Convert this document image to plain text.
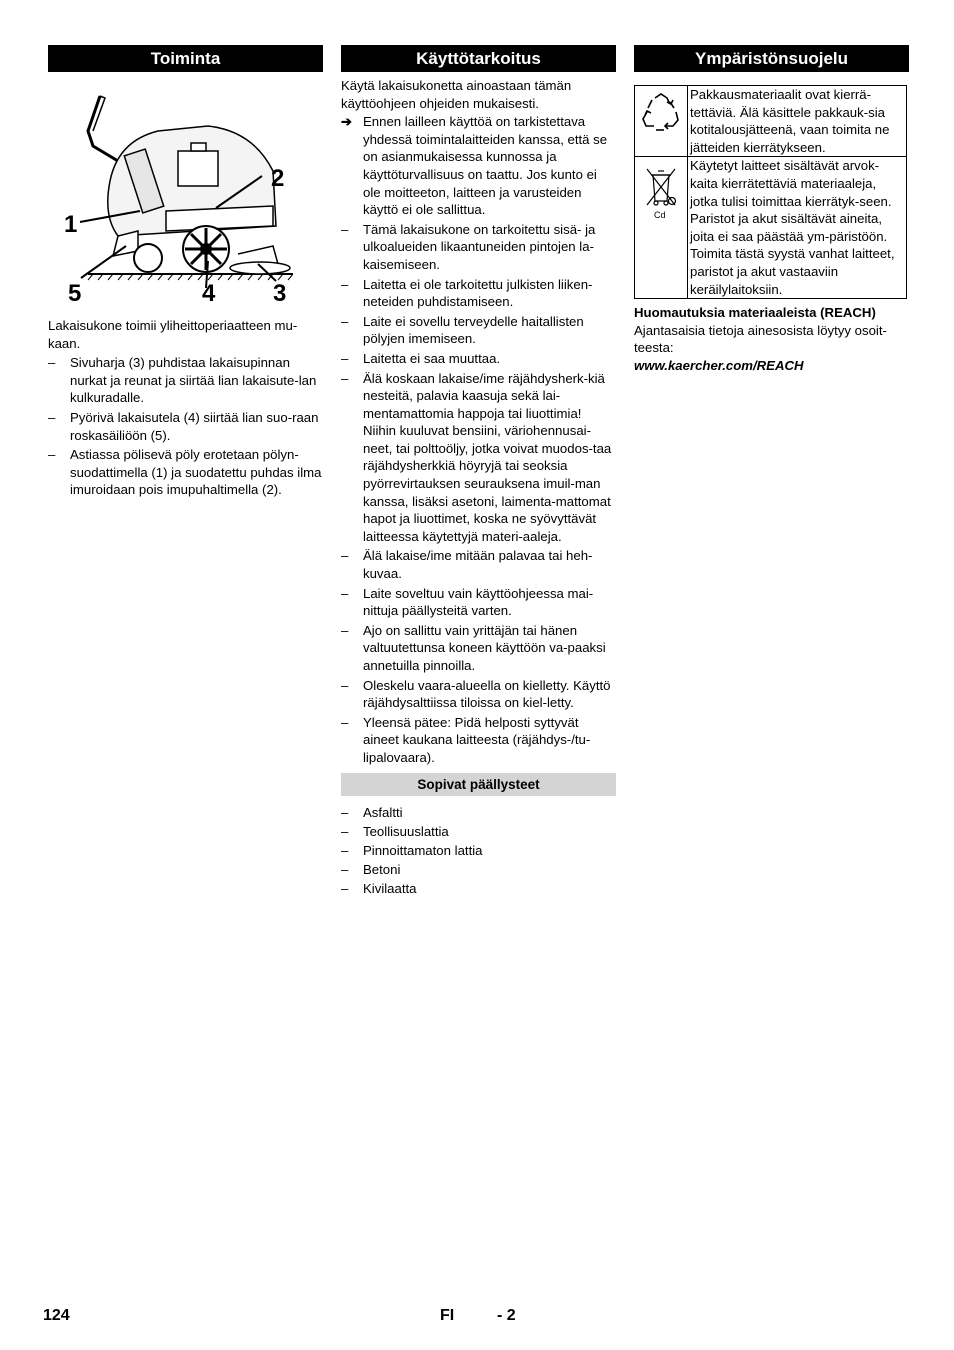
Toiminta
1
2
3
4
5

Lakaisukone toimii yliheittoperiaatteen mu-kaan.

– Sivuharja (3) puhdistaa lakaisupinnan nurkat ja reunat ja siirtää lian lakaisute-lan kulkuradalle.
– Pyörivä lakaisutela (4) siirtää lian suo-raan roskasäiliöön (5).
– Astiassa pölisevä pöly erotetaan pölyn-suodattimella (1) ja suodatettu puhdas ilma imuroidaan pois imupuhaltimella (2).
Käyttötarkoitus

Käytä lakaisukonetta ainoastaan tämän käyttöohjeen ohjeiden mukaisesti.

➔ Ennen lailleen käyttöä on tarkistettava yhdessä toimintalaitteiden kanssa, että se on asianmukaisessa kunnossa ja käyttöturvallisuus on taattu. Jos kunto ei ole moitteeton, laitteen ja varusteiden käyttö ei ole sallittua.
– Tämä lakaisukone on tarkoitettu sisä- ja ulkoalueiden likaantuneiden pintojen la-kaisemiseen.
– Laitetta ei ole tarkoitettu julkisten liiken-neteiden puhdistamiseen.
– Laite ei sovellu terveydelle haitallisten pölyjen imemiseen.
– Laitetta ei saa muuttaa.
– Älä koskaan lakaise/ime räjähdysherk-kiä nesteitä, palavia kaasuja sekä lai-mentamattomia happoja tai liuottimia! Niihin kuuluvat bensiini, väriohennusai-neet, tai polttoöljy, jotka voivat muodos-taa räjähdysherkkiä höyryjä tai seoksia pyörrevirtauksen seurauksena imuil-man kanssa, lisäksi asetoni, laimenta-mattomat hapot ja liuottimet, koska ne syövyttävät laitteessa käytettyjä materi-aaleja.
– Älä lakaise/ime mitään palavaa tai heh-kuvaa.
– Laite soveltuu vain käyttöohjeessa mai-nittuja päällysteitä varten.
– Ajo on sallittu vain yrittäjän tai hänen valtuutettunsa koneen käyttöön va-paaksi annetuilla pinnoilla.
– Oleskelu vaara-alueella on kielletty. Käyttö räjähdysalttiissa tiloissa on kiel-letty.
– Yleensä pätee: Pidä helposti syttyvät aineet kaukana laitteesta (räjähdys-/tu-lipalovaara).
Sopivat päällysteet
– Asfaltti
– Teollisuuslattia
– Pinnoittamaton lattia
– Betoni
– Kivilaatta
Ympäristönsuojelu
	Pakkausmateriaalit ovat kierrä-tettäviä. Älä käsittele pakkauk-sia kotitalousjätteenä, vaan toimita ne jätteiden kierrätykseen.

Cd	Käytetyt laitteet sisältävät arvok-kaita kierrätettäviä materiaaleja, jotka tulisi toimittaa kierrätyk-seen. Paristot ja akut sisältävät aineita, joita ei saa päästää ym-päristöön. Toimita tästä syystä vanhat laitteet, paristot ja akut vastaaviin keräilylaitoksiin.
Huomautuksia materiaaleista (REACH)

Ajantasaisia tietoja ainesosista löytyy osoit-teesta:

www.kaercher.com/REACH
124	FI	- 2
